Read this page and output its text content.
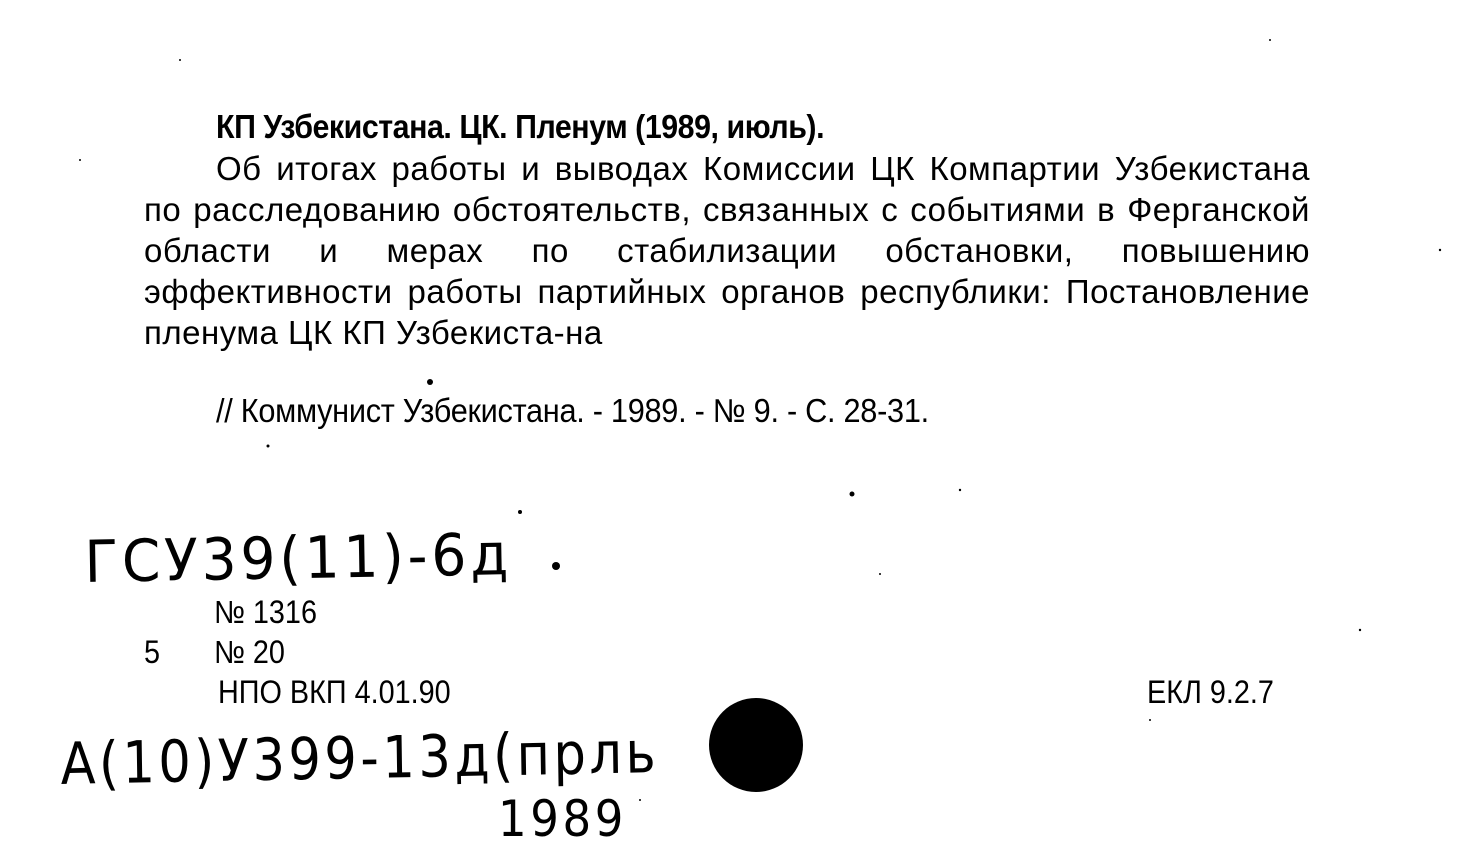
КП Узбекистана. ЦК. Пленум (1989, июль).
Об итогах работы и выводах Комиссии ЦК Компартии Узбекистана по расследованию обстоятельств, связанных с событиями в Ферганской области и мерах по стабилизации обстановки, повышению эффективности работы партийных органов республики: Постановление пленума ЦК КП Узбекиста-на
// Коммунист Узбекистана. - 1989. - № 9. - С. 28-31.
ГСУ39(11)-6д
№ 1316
5 № 20
НПО ВКП 4.01.90	ЕКЛ 9.2.7
А(10)У399-13д(прль
1989
